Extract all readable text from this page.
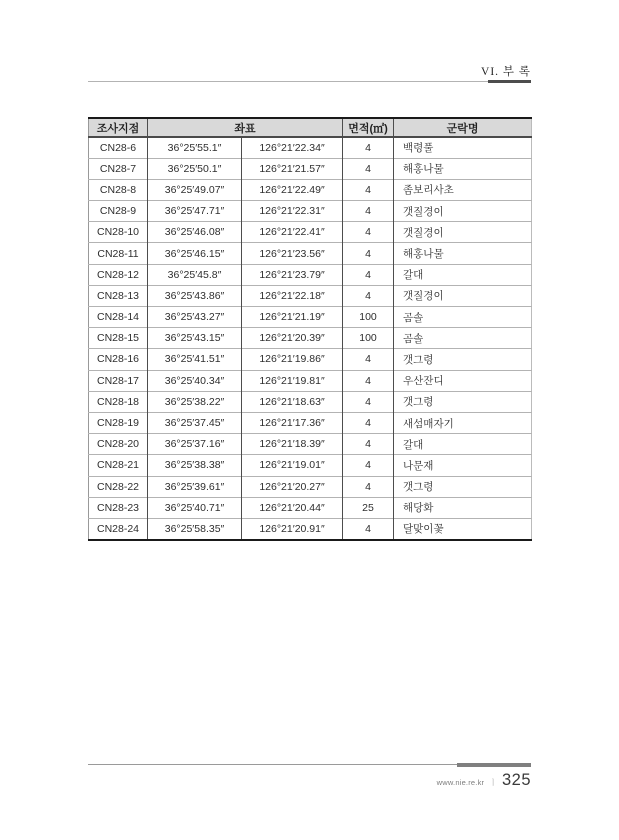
VI. 부 록
조사지점	좌표		면적(㎡)	군락명
CN28-6	36°25′55.1″	126°21′22.34″	4	백령풀
CN28-7	36°25′50.1″	126°21′21.57″	4	해홍나물
CN28-8	36°25′49.07″	126°21′22.49″	4	좀보리사초
CN28-9	36°25′47.71″	126°21′22.31″	4	갯질경이
CN28-10	36°25′46.08″	126°21′22.41″	4	갯질경이
CN28-11	36°25′46.15″	126°21′23.56″	4	해홍나물
CN28-12	36°25′45.8″	126°21′23.79″	4	갈대
CN28-13	36°25′43.86″	126°21′22.18″	4	갯질경이
CN28-14	36°25′43.27″	126°21′21.19″	100	곰솔
CN28-15	36°25′43.15″	126°21′20.39″	100	곰솔
CN28-16	36°25′41.51″	126°21′19.86″	4	갯그령
CN28-17	36°25′40.34″	126°21′19.81″	4	우산잔디
CN28-18	36°25′38.22″	126°21′18.63″	4	갯그령
CN28-19	36°25′37.45″	126°21′17.36″	4	새섬매자기
CN28-20	36°25′37.16″	126°21′18.39″	4	갈대
CN28-21	36°25′38.38″	126°21′19.01″	4	나문재
CN28-22	36°25′39.61″	126°21′20.27″	4	갯그령
CN28-23	36°25′40.71″	126°21′20.44″	25	해당화
CN28-24	36°25′58.35″	126°21′20.91″	4	달맞이꽃
www.nie.re.kr ㅣ 325
